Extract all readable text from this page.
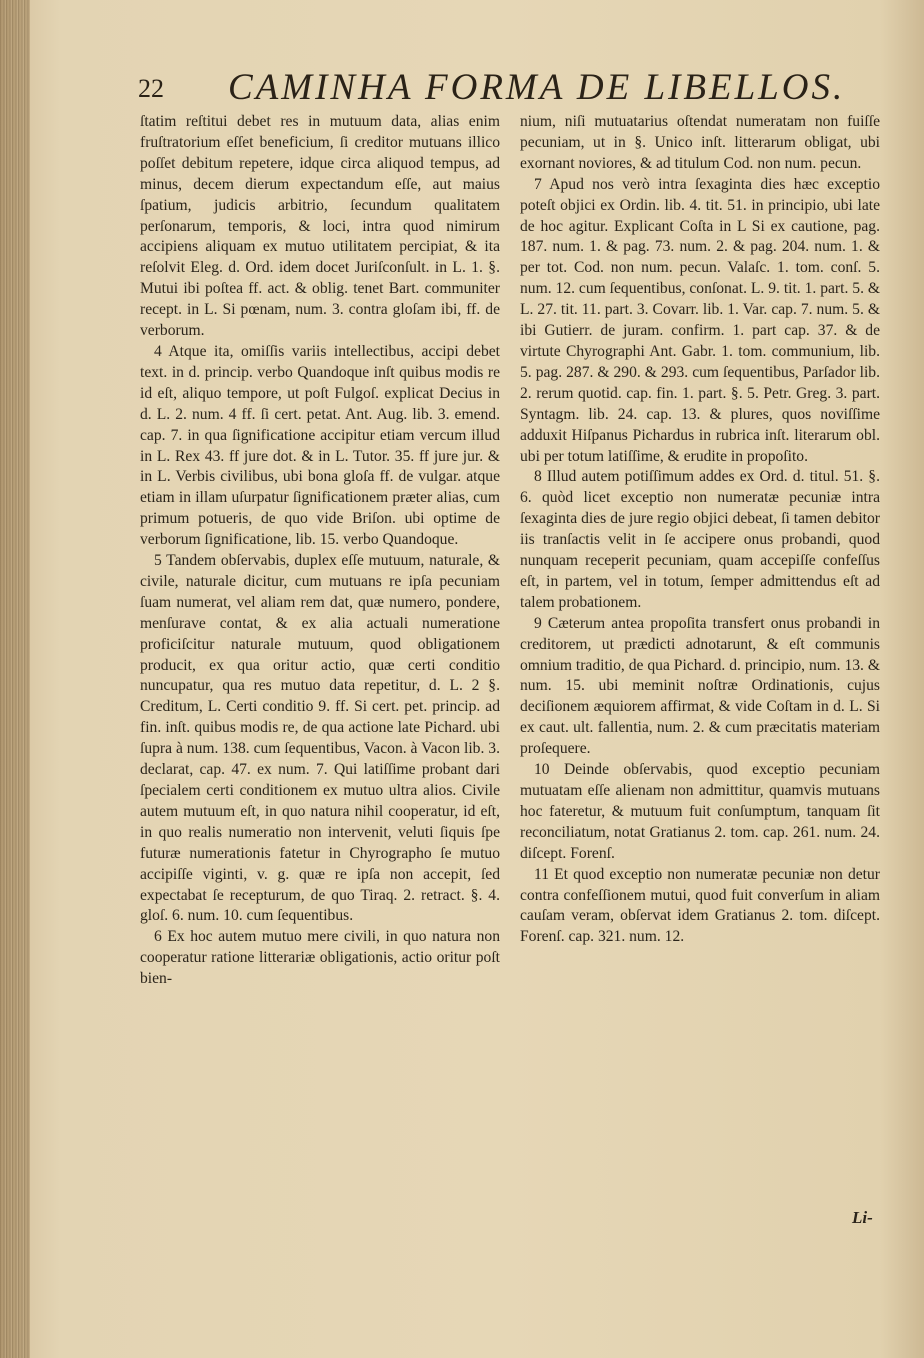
22 CAMINHA FORMA DE LIBELLOS.

ſtatim reſtitui debet res in mutuum data, alias enim fruſtratorium eſſet beneficium, ſi creditor mutuans illico poſſet debitum repetere, idque circa aliquod tempus, ad minus, decem dierum expectandum eſſe, aut maius ſpatium, judicis arbitrio, ſecundum qualitatem perſonarum, temporis, & loci, intra quod nimirum accipiens aliquam ex mutuo utilitatem percipiat, & ita reſolvit Eleg. d. Ord. idem docet Juriſconſult. in L. 1. §. Mutui ibi poſtea ff. act. & oblig. tenet Bart. communiter recept. in L. Si pœnam, num. 3. contra gloſam ibi, ff. de verborum.

4 Atque ita, omiſſis variis intellectibus, accipi debet text. in d. princip. verbo Quandoque inſt quibus modis re id eſt, aliquo tempore, ut poſt Fulgoſ. explicat Decius in d. L. 2. num. 4 ff. ſi cert. petat. Ant. Aug. lib. 3. emend. cap. 7. in qua ſignificatione accipitur etiam vercum illud in L. Rex 43. ff jure dot. & in L. Tutor. 35. ff jure jur. & in L. Verbis civilibus, ubi bona gloſa ff. de vulgar. atque etiam in illam uſurpatur ſignificationem præter alias, cum primum potueris, de quo vide Briſon. ubi optime de verborum ſignificatione, lib. 15. verbo Quandoque.

5 Tandem obſervabis, duplex eſſe mutuum, naturale, & civile, naturale dicitur, cum mutuans re ipſa pecuniam ſuam numerat, vel aliam rem dat, quæ numero, pondere, menſurave contat, & ex alia actuali numeratione proficiſcitur naturale mutuum, quod obligationem producit, ex qua oritur actio, quæ certi conditio nuncupatur, qua res mutuo data repetitur, d. L. 2 §. Creditum, L. Certi conditio 9. ff. Si cert. pet. princip. ad fin. inſt. quibus modis re, de qua actione late Pichard. ubi ſupra à num. 138. cum ſequentibus, Vacon. à Vacon lib. 3. declarat, cap. 47. ex num. 7. Qui latiſſime probant dari ſpecialem certi conditionem ex mutuo ultra alios. Civile autem mutuum eſt, in quo natura nihil cooperatur, id eſt, in quo realis numeratio non intervenit, veluti ſiquis ſpe futuræ numerationis fatetur in Chyrographo ſe mutuo accipiſſe viginti, v. g. quæ re ipſa non accepit, ſed expectabat ſe recepturum, de quo Tiraq. 2. retract. §. 4. gloſ. 6. num. 10. cum ſequentibus.

6 Ex hoc autem mutuo mere civili, in quo natura non cooperatur ratione litterariæ obligationis, actio oritur poſt bien-

nium, niſi mutuatarius oſtendat numeratam non fuiſſe pecuniam, ut in §. Unico inſt. litterarum obligat, ubi exornant noviores, & ad titulum Cod. non num. pecun.

7 Apud nos verò intra ſexaginta dies hæc exceptio poteſt objici ex Ordin. lib. 4. tit. 51. in principio, ubi late de hoc agitur. Explicant Coſta in L Si ex cautione, pag. 187. num. 1. & pag. 73. num. 2. & pag. 204. num. 1. & per tot. Cod. non num. pecun. Valaſc. 1. tom. conſ. 5. num. 12. cum ſequentibus, conſonat. L. 9. tit. 1. part. 5. & L. 27. tit. 11. part. 3. Covarr. lib. 1. Var. cap. 7. num. 5. & ibi Gutierr. de juram. confirm. 1. part cap. 37. & de virtute Chyrographi Ant. Gabr. 1. tom. communium, lib. 5. pag. 287. & 290. & 293. cum ſequentibus, Parſador lib. 2. rerum quotid. cap. fin. 1. part. §. 5. Petr. Greg. 3. part. Syntagm. lib. 24. cap. 13. & plures, quos noviſſime adduxit Hiſpanus Pichardus in rubrica inſt. literarum obl. ubi per totum latiſſime, & erudite in propoſito.

8 Illud autem potiſſimum addes ex Ord. d. titul. 51. §. 6. quòd licet exceptio non numeratæ pecuniæ intra ſexaginta dies de jure regio objici debeat, ſi tamen debitor iis tranſactis velit in ſe accipere onus probandi, quod nunquam receperit pecuniam, quam accepiſſe confeſſus eſt, in partem, vel in totum, ſemper admittendus eſt ad talem probationem.

9 Cæterum antea propoſita transfert onus probandi in creditorem, ut prædicti adnotarunt, & eſt communis omnium traditio, de qua Pichard. d. principio, num. 13. & num. 15. ubi meminit noſtræ Ordinationis, cujus deciſionem æquiorem affirmat, & vide Coſtam in d. L. Si ex caut. ult. fallentia, num. 2. & cum præcitatis materiam proſequere.

10 Deinde obſervabis, quod exceptio pecuniam mutuatam eſſe alienam non admittitur, quamvis mutuans hoc fateretur, & mutuum fuit conſumptum, tanquam ſit reconciliatum, notat Gratianus 2. tom. cap. 261. num. 24. diſcept. Forenſ.

11 Et quod exceptio non numeratæ pecuniæ non detur contra confeſſionem mutui, quod fuit converſum in aliam cauſam veram, obſervat idem Gratianus 2. tom. diſcept. Forenſ. cap. 321. num. 12.

Li-
